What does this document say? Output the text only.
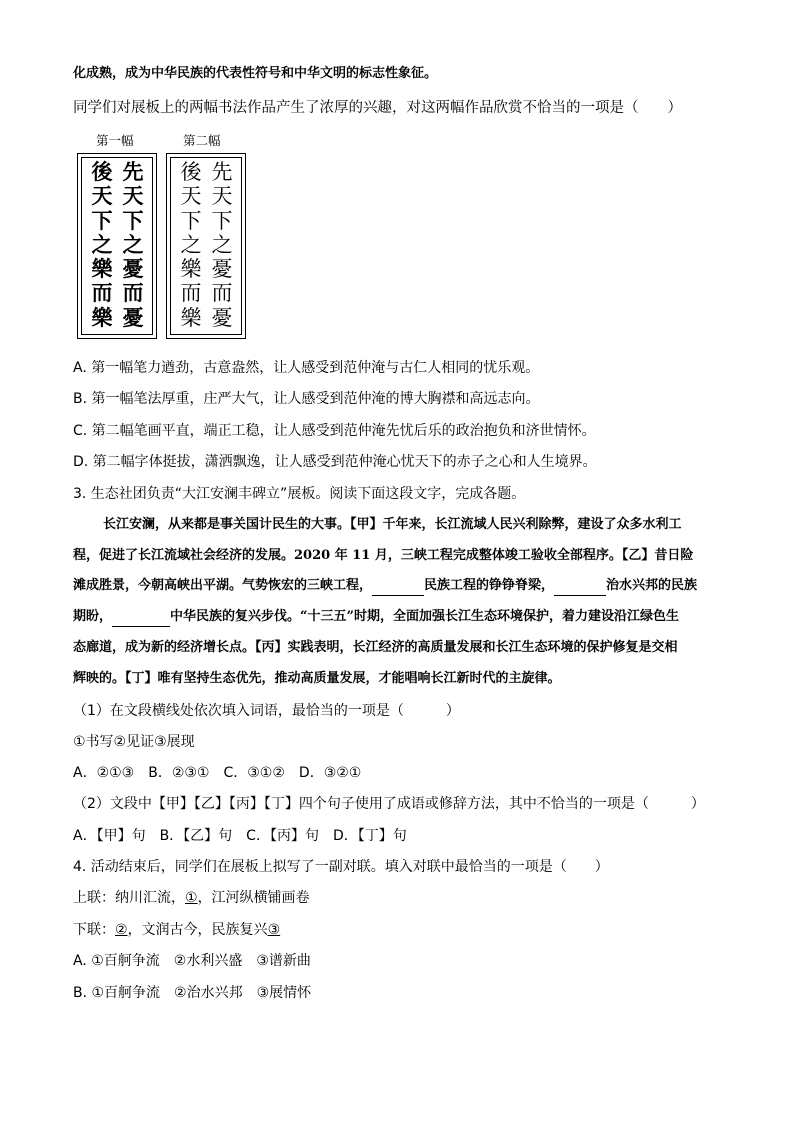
化成熟，成为中华民族的代表性符号和中华文明的标志性象征。
同学们对展板上的两幅书法作品产生了浓厚的兴趣，对这两幅作品欣赏不恰当的一项是（　　）
第一幅	第二幅
先
天
下
之
憂
而
憂
後
天
下
之
樂
而
樂
先
天
下
之
憂
而
憂
後
天
下
之
樂
而
樂
A. 第一幅笔力遒劲，古意盎然，让人感受到范仲淹与古仁人相同的忧乐观。
B. 第一幅笔法厚重，庄严大气，让人感受到范仲淹的博大胸襟和高远志向。
C. 第二幅笔画平直，端正工稳，让人感受到范仲淹先忧后乐的政治抱负和济世情怀。
D. 第二幅字体挺拔，潇洒飘逸，让人感受到范仲淹心忧天下的赤子之心和人生境界。
3. 生态社团负责“大江安澜丰碑立”展板。阅读下面这段文字，完成各题。
长江安澜，从来都是事关国计民生的大事。【甲】千年来，长江流域人民兴利除弊，建设了众多水利工
程，促进了长江流域社会经济的发展。2020 年 11 月，三峡工程完成整体竣工验收全部程序。【乙】昔日险
滩成胜景，今朝高峡出平湖。气势恢宏的三峡工程，	民族工程的铮铮脊梁，	治水兴邦的民族
期盼，	中华民族的复兴步伐。“十三五”时期，全面加强长江生态环境保护，着力建设沿江绿色生
态廊道，成为新的经济增长点。【丙】实践表明，长江经济的高质量发展和长江生态环境的保护修复是交相
辉映的。【丁】唯有坚持生态优先，推动高质量发展，才能唱响长江新时代的主旋律。
（1）在文段横线处依次填入词语，最恰当的一项是（　　　）
①书写②见证③展现
A．②①③　B．②③①　C．③①②　D．③②①
（2）文段中【甲】【乙】【丙】【丁】四个句子使用了成语或修辞方法，其中不恰当的一项是（　　　）
A．【甲】句　B．【乙】句　C．【丙】句　D．【丁】句
4. 活动结束后，同学们在展板上拟写了一副对联。填入对联中最恰当的一项是（　　）
上联：纳川汇流，①，江河纵横铺画卷
下联：②，文润古今，民族复兴③
A. ①百舸争流　②水利兴盛　③谱新曲
B. ①百舸争流　②治水兴邦　③展情怀
